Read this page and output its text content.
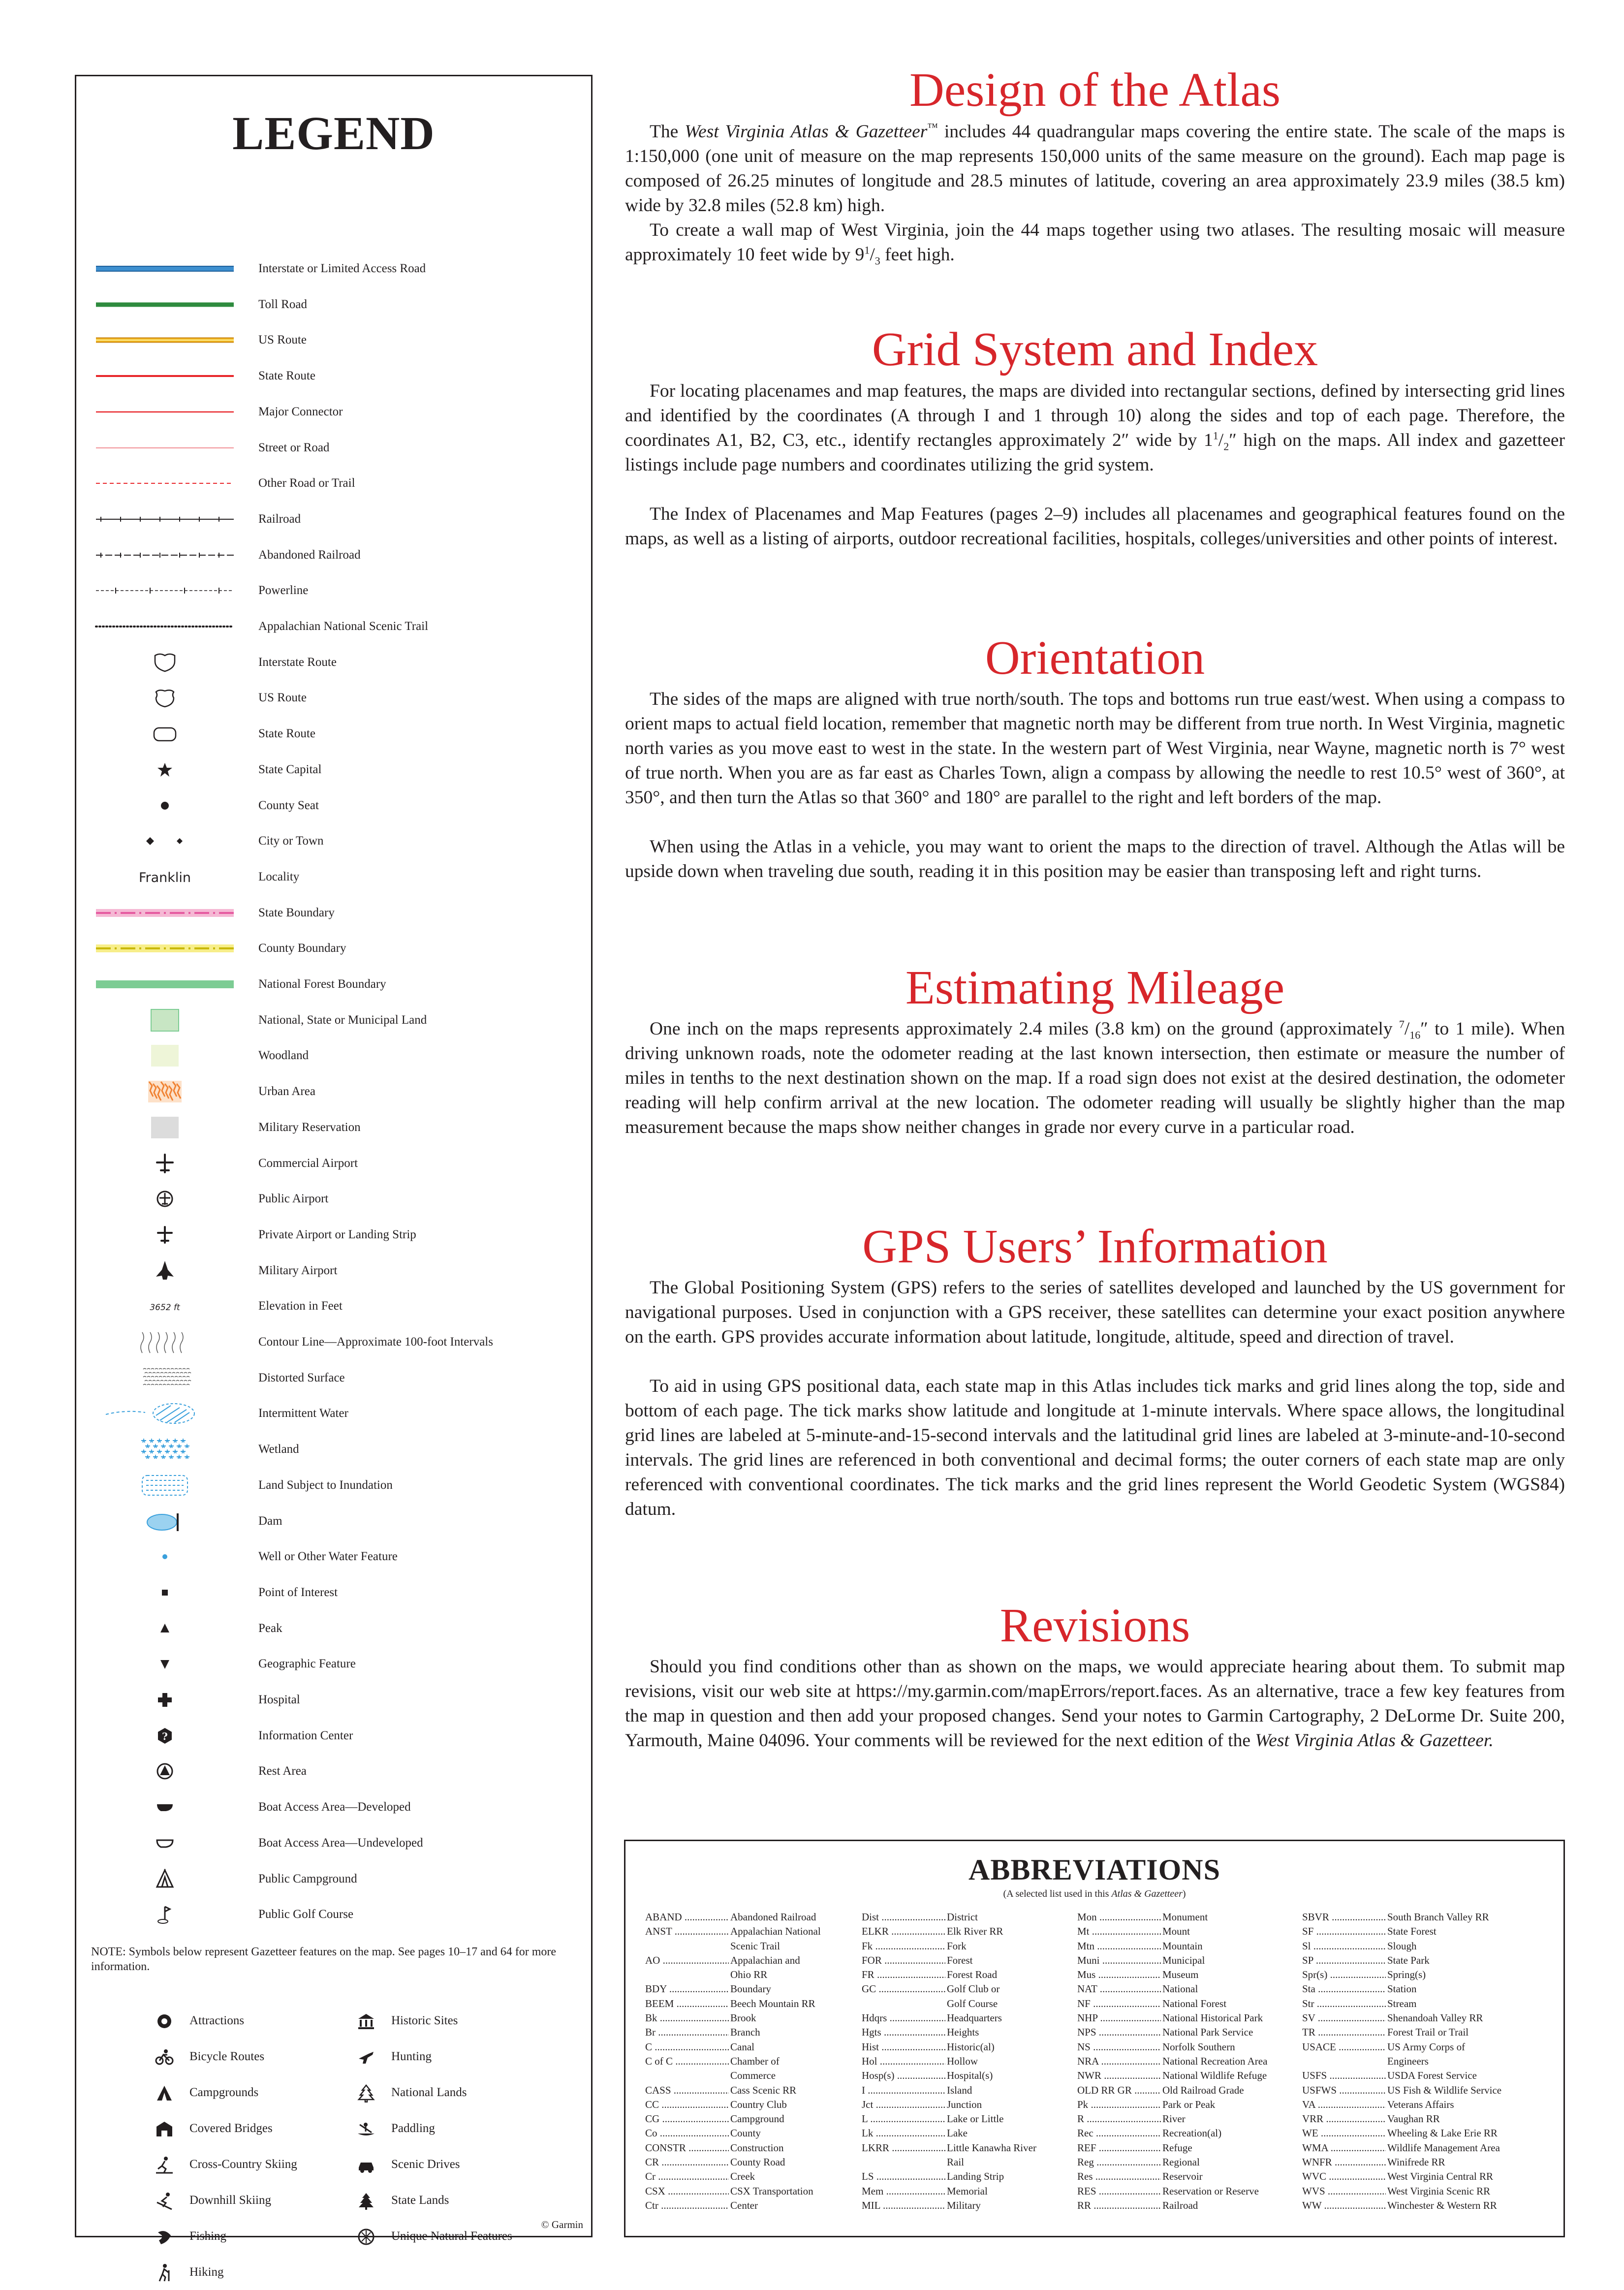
LEGEND
Interstate or Limited Access Road
Toll Road
US Route
State Route
Major Connector
Street or Road
Other Road or Trail
Railroad
Abandoned Railroad
Powerline
Appalachian National Scenic Trail
Interstate Route
US Route
State Route
State Capital
County Seat
City or Town
Franklin	Locality
State Boundary
County Boundary
National Forest Boundary
National, State or Municipal Land
Woodland
Urban Area
Military Reservation
Commercial Airport
Public Airport
Private Airport or Landing Strip
Military Airport
3652 ft	Elevation in Feet
Contour Line—Approximate 100-foot Intervals
Distorted Surface
Intermittent Water
Wetland
Land Subject to Inundation
Dam
Well or Other Water Feature
Point of Interest
Peak
Geographic Feature
Hospital
?	Information Center
Rest Area
Boat Access Area—Developed
Boat Access Area—Undeveloped
Public Campground
Public Golf Course
NOTE: Symbols below represent Gazetteer features on the map. See pages 10–17 and 64 for more information.
Attractions
Bicycle Routes
Campgrounds
Covered Bridges
Cross-Country Skiing
Downhill Skiing
Fishing
Hiking
Historic Sites
Hunting
National Lands
Paddling
Scenic Drives
State Lands
Unique Natural Features
© Garmin
Design of the Atlas

The West Virginia Atlas & Gazetteer™ includes 44 quadrangular maps covering the entire state. The scale of the maps is 1:150,000 (one unit of measure on the map represents 150,000 units of the same measure on the ground). Each map page is composed of 26.25 minutes of longitude and 28.5 minutes of latitude, covering an area approximately 23.9 miles (38.5 km) wide by 32.8 miles (52.8 km) high.

To create a wall map of West Virginia, join the 44 maps together using two atlases. The resulting mosaic will measure approximately 10 feet wide by $9^1/_3$ feet high.

Grid System and Index

For locating placenames and map features, the maps are divided into rectangular sections, defined by intersecting grid lines and identified by the coordinates (A through I and 1 through 10) along the sides and top of each page. Therefore, the coordinates A1, B2, C3, etc., identify rectangles approximately 2″ wide by $1^1/_2''$ high on the maps. All index and gazetteer listings include page numbers and coordinates utilizing the grid system.

The Index of Placenames and Map Features (pages 2–9) includes all placenames and geographical features found on the maps, as well as a listing of airports, outdoor recreational facilities, hospitals, colleges/universities and other points of interest.

Orientation

The sides of the maps are aligned with true north/south. The tops and bottoms run true east/west. When using a compass to orient maps to actual field location, remember that magnetic north may be different from true north. In West Virginia, magnetic north varies as you move east to west in the state. In the western part of West Virginia, near Wayne, magnetic north is 7° west of true north. When you are as far east as Charles Town, align a compass by allowing the needle to rest 10.5° west of 360°, at 350°, and then turn the Atlas so that 360° and 180° are parallel to the right and left borders of the map.

When using the Atlas in a vehicle, you may want to orient the maps to the direction of travel. Although the Atlas will be upside down when traveling due south, reading it in this position may be easier than transposing left and right turns.

Estimating Mileage

One inch on the maps represents approximately 2.4 miles (3.8 km) on the ground (approximately $^7/_{16}''$ to 1 mile). When driving unknown roads, note the odometer reading at the last known intersection, then estimate or measure the number of miles in tenths to the next destination shown on the map. If a road sign does not exist at the desired destination, the odometer reading will help confirm arrival at the new location. The odometer reading will usually be slightly higher than the map measurement because the maps show neither changes in grade nor every curve in a particular road.

GPS Users’ Information

The Global Positioning System (GPS) refers to the series of satellites developed and launched by the US government for navigational purposes. Used in conjunction with a GPS receiver, these satellites can determine your exact position anywhere on the earth. GPS provides accurate information about latitude, longitude, altitude, speed and direction of travel.

To aid in using GPS positional data, each state map in this Atlas includes tick marks and grid lines along the top, side and bottom of each page. The tick marks show latitude and longitude at 1-minute intervals. Where space allows, the longitudinal grid lines are labeled at 5-minute-and-15-second intervals and the latitudinal grid lines are labeled at 3-minute-and-10-second intervals. The grid lines are referenced in both conventional and decimal forms; the outer corners of each state map are only referenced with conventional coordinates. The tick marks and the grid lines represent the World Geodetic System (WGS84) datum.

Revisions

Should you find conditions other than as shown on the maps, we would appreciate hearing about them. To submit map revisions, visit our web site at https://my.garmin.com/mapErrors/report.faces. As an alternative, trace a few key features from the map in question and then add your proposed changes. Send your notes to Garmin Cartography, 2 DeLorme Dr. Suite 200, Yarmouth, Maine 04096. Your comments will be reviewed for the next edition of the West Virginia Atlas & Gazetteer.

ABBREVIATIONS
(A selected list used in this Atlas & Gazetteer)
ABAND .....	Abandoned Railroad
ANST .....	Appalachian National
Scenic Trail
AO .....	Appalachian and
Ohio RR
BDY .....	Boundary
BEEM .....	Beech Mountain RR
Bk .....	Brook
Br .....	Branch
C .....	Canal
C of C .....	Chamber of
Commerce
CASS .....	Cass Scenic RR
CC .....	Country Club
CG .....	Campground
Co .....	County
CONSTR .....	Construction
CR .....	County Road
Cr .....	Creek
CSX .....	CSX Transportation
Ctr .....	Center
Dist .....	District
ELKR .....	Elk River RR
Fk .....	Fork
FOR .....	Forest
FR .....	Forest Road
GC .....	Golf Club or
Golf Course
Hdqrs .....	Headquarters
Hgts .....	Heights
Hist .....	Historic(al)
Hol .....	Hollow
Hosp(s) .....	Hospital(s)
I .....	Island
Jct .....	Junction
L .....	Lake or Little
Lk .....	Lake
LKRR .....	Little Kanawha River
Rail
LS .....	Landing Strip
Mem .....	Memorial
MIL .....	Military
Mon .....	Monument
Mt .....	Mount
Mtn .....	Mountain
Muni .....	Municipal
Mus .....	Museum
NAT .....	National
NF .....	National Forest
NHP .....	National Historical Park
NPS .....	National Park Service
NS .....	Norfolk Southern
NRA .....	National Recreation Area
NWR .....	National Wildlife Refuge
OLD RR GR .....	Old Railroad Grade
Pk .....	Park or Peak
R .....	River
Rec .....	Recreation(al)
REF .....	Refuge
Reg .....	Regional
Res .....	Reservoir
RES .....	Reservation or Reserve
RR .....	Railroad
SBVR .....	South Branch Valley RR
SF .....	State Forest
Sl .....	Slough
SP .....	State Park
Spr(s) .....	Spring(s)
Sta .....	Station
Str .....	Stream
SV .....	Shenandoah Valley RR
TR .....	Forest Trail or Trail
USACE .....	US Army Corps of
Engineers
USFS .....	USDA Forest Service
USFWS .....	US Fish & Wildlife Service
VA .....	Veterans Affairs
VRR .....	Vaughan RR
WE .....	Wheeling & Lake Erie RR
WMA .....	Wildlife Management Area
WNFR .....	Winifrede RR
WVC .....	West Virginia Central RR
WVS .....	West Virginia Scenic RR
WW .....	Winchester & Western RR
